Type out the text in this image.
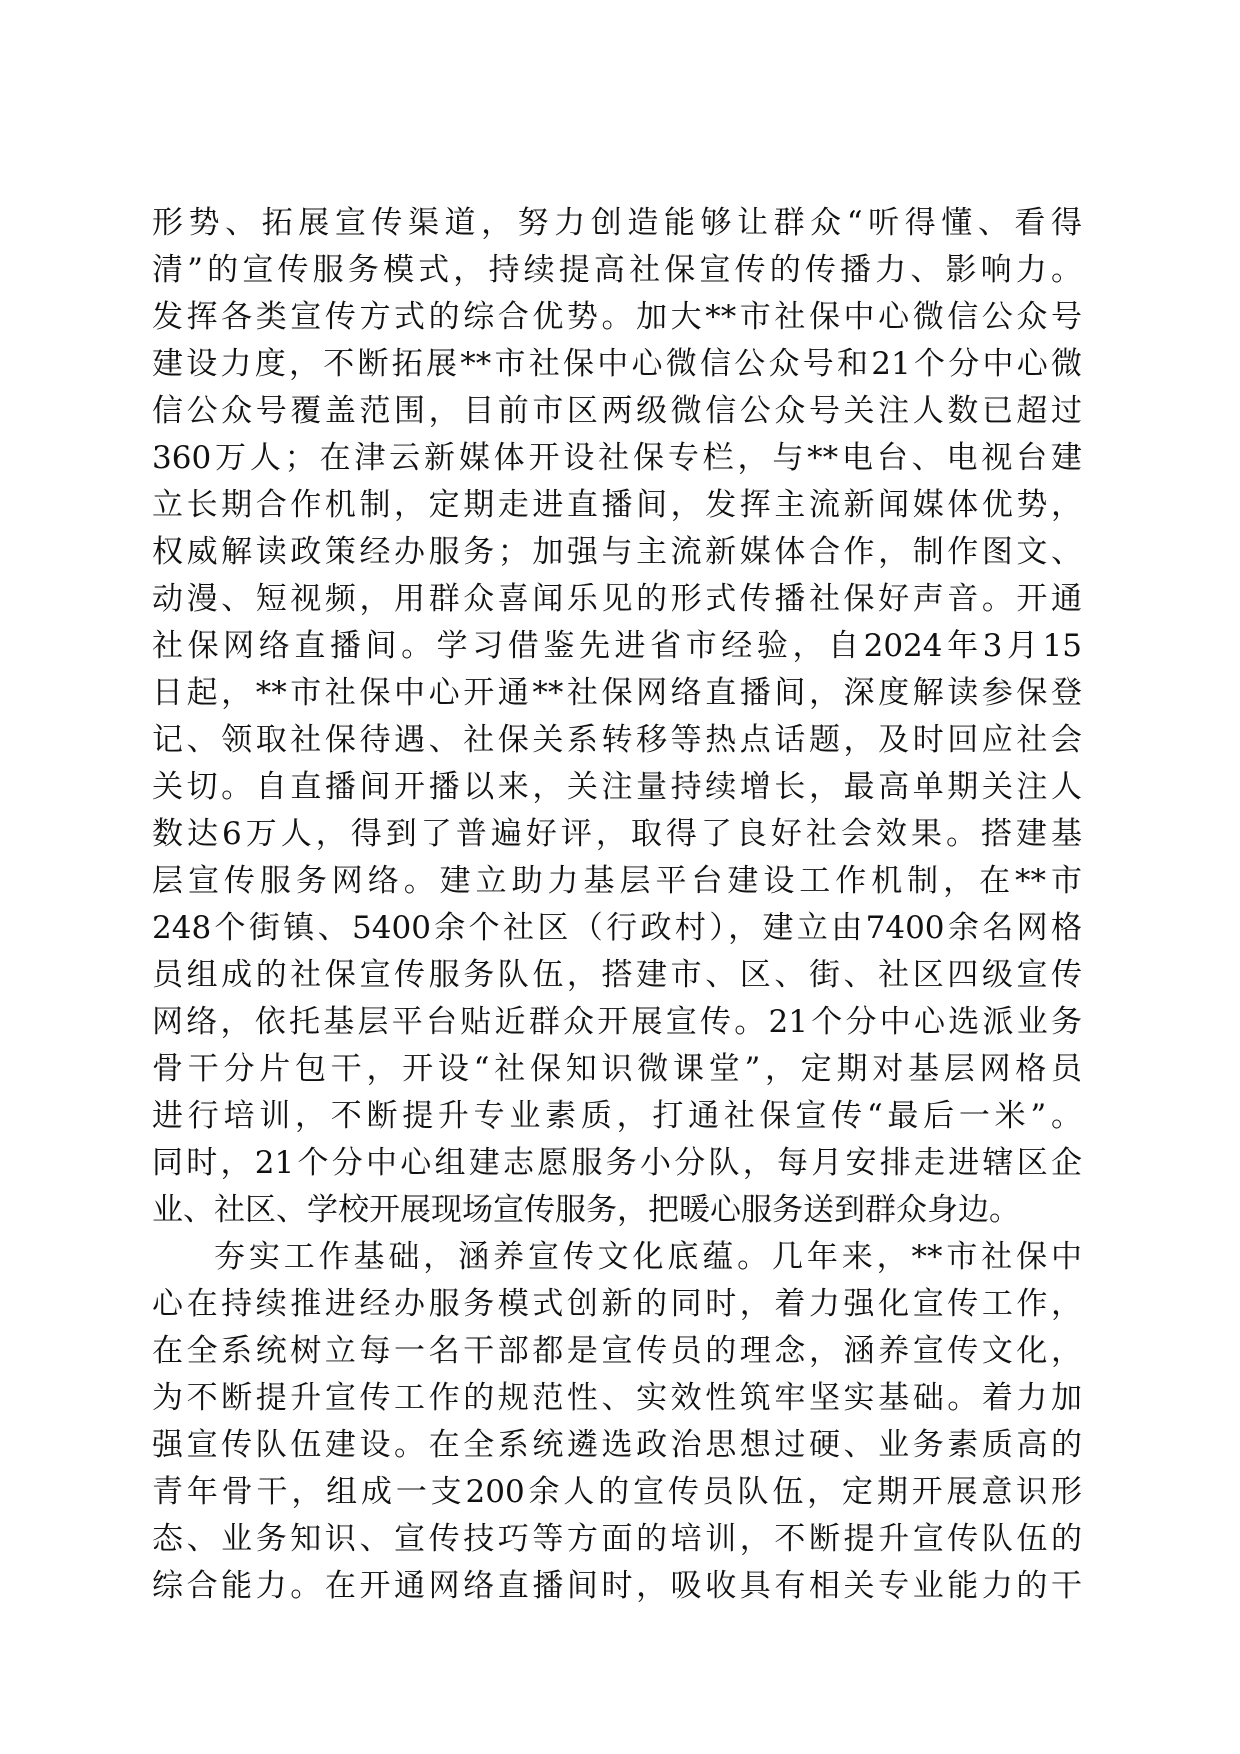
形势、拓展宣传渠道，努力创造能够让群众“听得懂、看得
清”的宣传服务模式，持续提高社保宣传的传播力、影响力。
发挥各类宣传方式的综合优势。加大**市社保中心微信公众号
建设力度，不断拓展**市社保中心微信公众号和21个分中心微
信公众号覆盖范围，目前市区两级微信公众号关注人数已超过
360万人；在津云新媒体开设社保专栏，与**电台、电视台建
立长期合作机制，定期走进直播间，发挥主流新闻媒体优势，
权威解读政策经办服务；加强与主流新媒体合作，制作图文、
动漫、短视频，用群众喜闻乐见的形式传播社保好声音。开通
社保网络直播间。学习借鉴先进省市经验，自2024年3月15
日起，**市社保中心开通**社保网络直播间，深度解读参保登
记、领取社保待遇、社保关系转移等热点话题，及时回应社会
关切。自直播间开播以来，关注量持续增长，最高单期关注人
数达6万人，得到了普遍好评，取得了良好社会效果。搭建基
层宣传服务网络。建立助力基层平台建设工作机制，在**市
248个街镇、5400余个社区（行政村），建立由7400余名网格
员组成的社保宣传服务队伍，搭建市、区、街、社区四级宣传
网络，依托基层平台贴近群众开展宣传。21个分中心选派业务
骨干分片包干，开设“社保知识微课堂”，定期对基层网格员
进行培训，不断提升专业素质，打通社保宣传“最后一米”。
同时，21个分中心组建志愿服务小分队，每月安排走进辖区企
业、社区、学校开展现场宣传服务，把暖心服务送到群众身边。
夯实工作基础，涵养宣传文化底蕴。几年来，**市社保中
心在持续推进经办服务模式创新的同时，着力强化宣传工作，
在全系统树立每一名干部都是宣传员的理念，涵养宣传文化，
为不断提升宣传工作的规范性、实效性筑牢坚实基础。着力加
强宣传队伍建设。在全系统遴选政治思想过硬、业务素质高的
青年骨干，组成一支200余人的宣传员队伍，定期开展意识形
态、业务知识、宣传技巧等方面的培训，不断提升宣传队伍的
综合能力。在开通网络直播间时，吸收具有相关专业能力的干
